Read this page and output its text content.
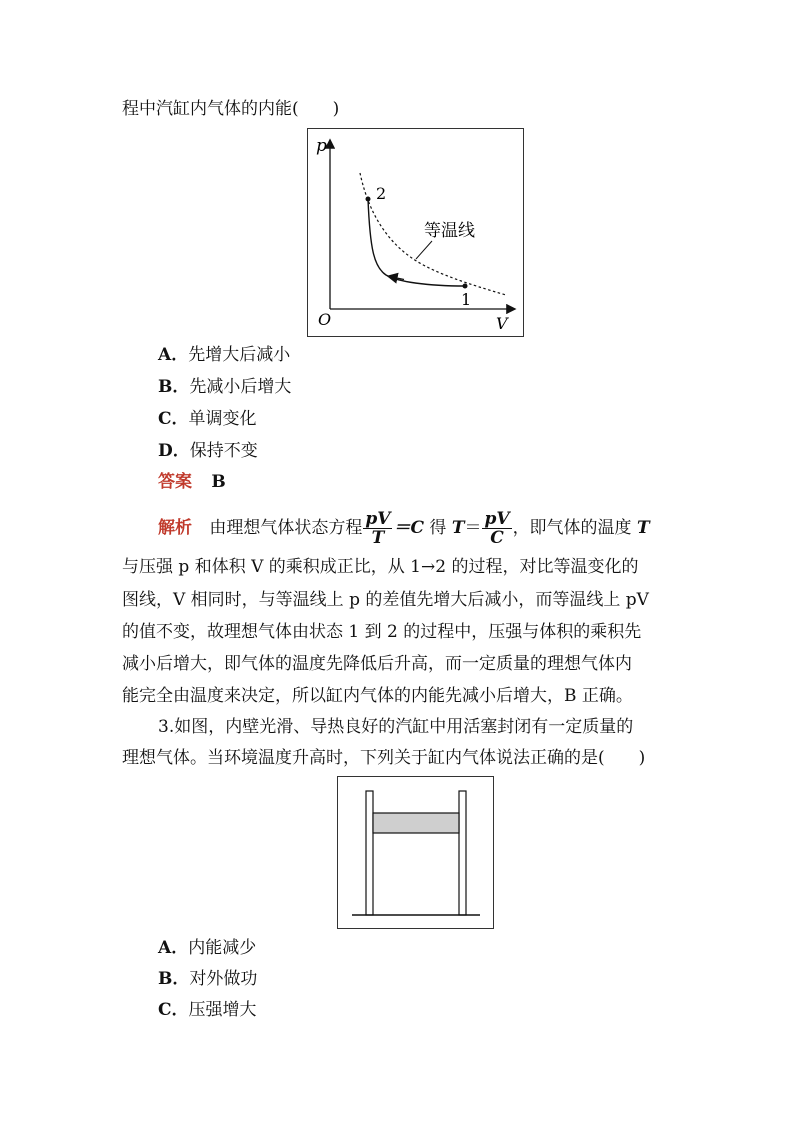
程中汽缸内气体的内能(　　)
p
V
O
1
2
等温线
A．先增大后减小
B．先减小后增大
C．单调变化
D．保持不变
答案 B
解析 由理想气体状态方程 $\frac{pV}{T} =C$ 得 $T= \frac{pV}{C}$ ，即气体的温度 T
与压强 p 和体积 V 的乘积成正比，从 1→2 的过程，对比等温变化的
图线，V 相同时，与等温线上 p 的差值先增大后减小，而等温线上 pV
的值不变，故理想气体由状态 1 到 2 的过程中，压强与体积的乘积先
减小后增大，即气体的温度先降低后升高，而一定质量的理想气体内
能完全由温度来决定，所以缸内气体的内能先减小后增大，B 正确。
3.如图，内壁光滑、导热良好的汽缸中用活塞封闭有一定质量的
理想气体。当环境温度升高时，下列关于缸内气体说法正确的是(　　)
A．内能减少
B．对外做功
C．压强增大
